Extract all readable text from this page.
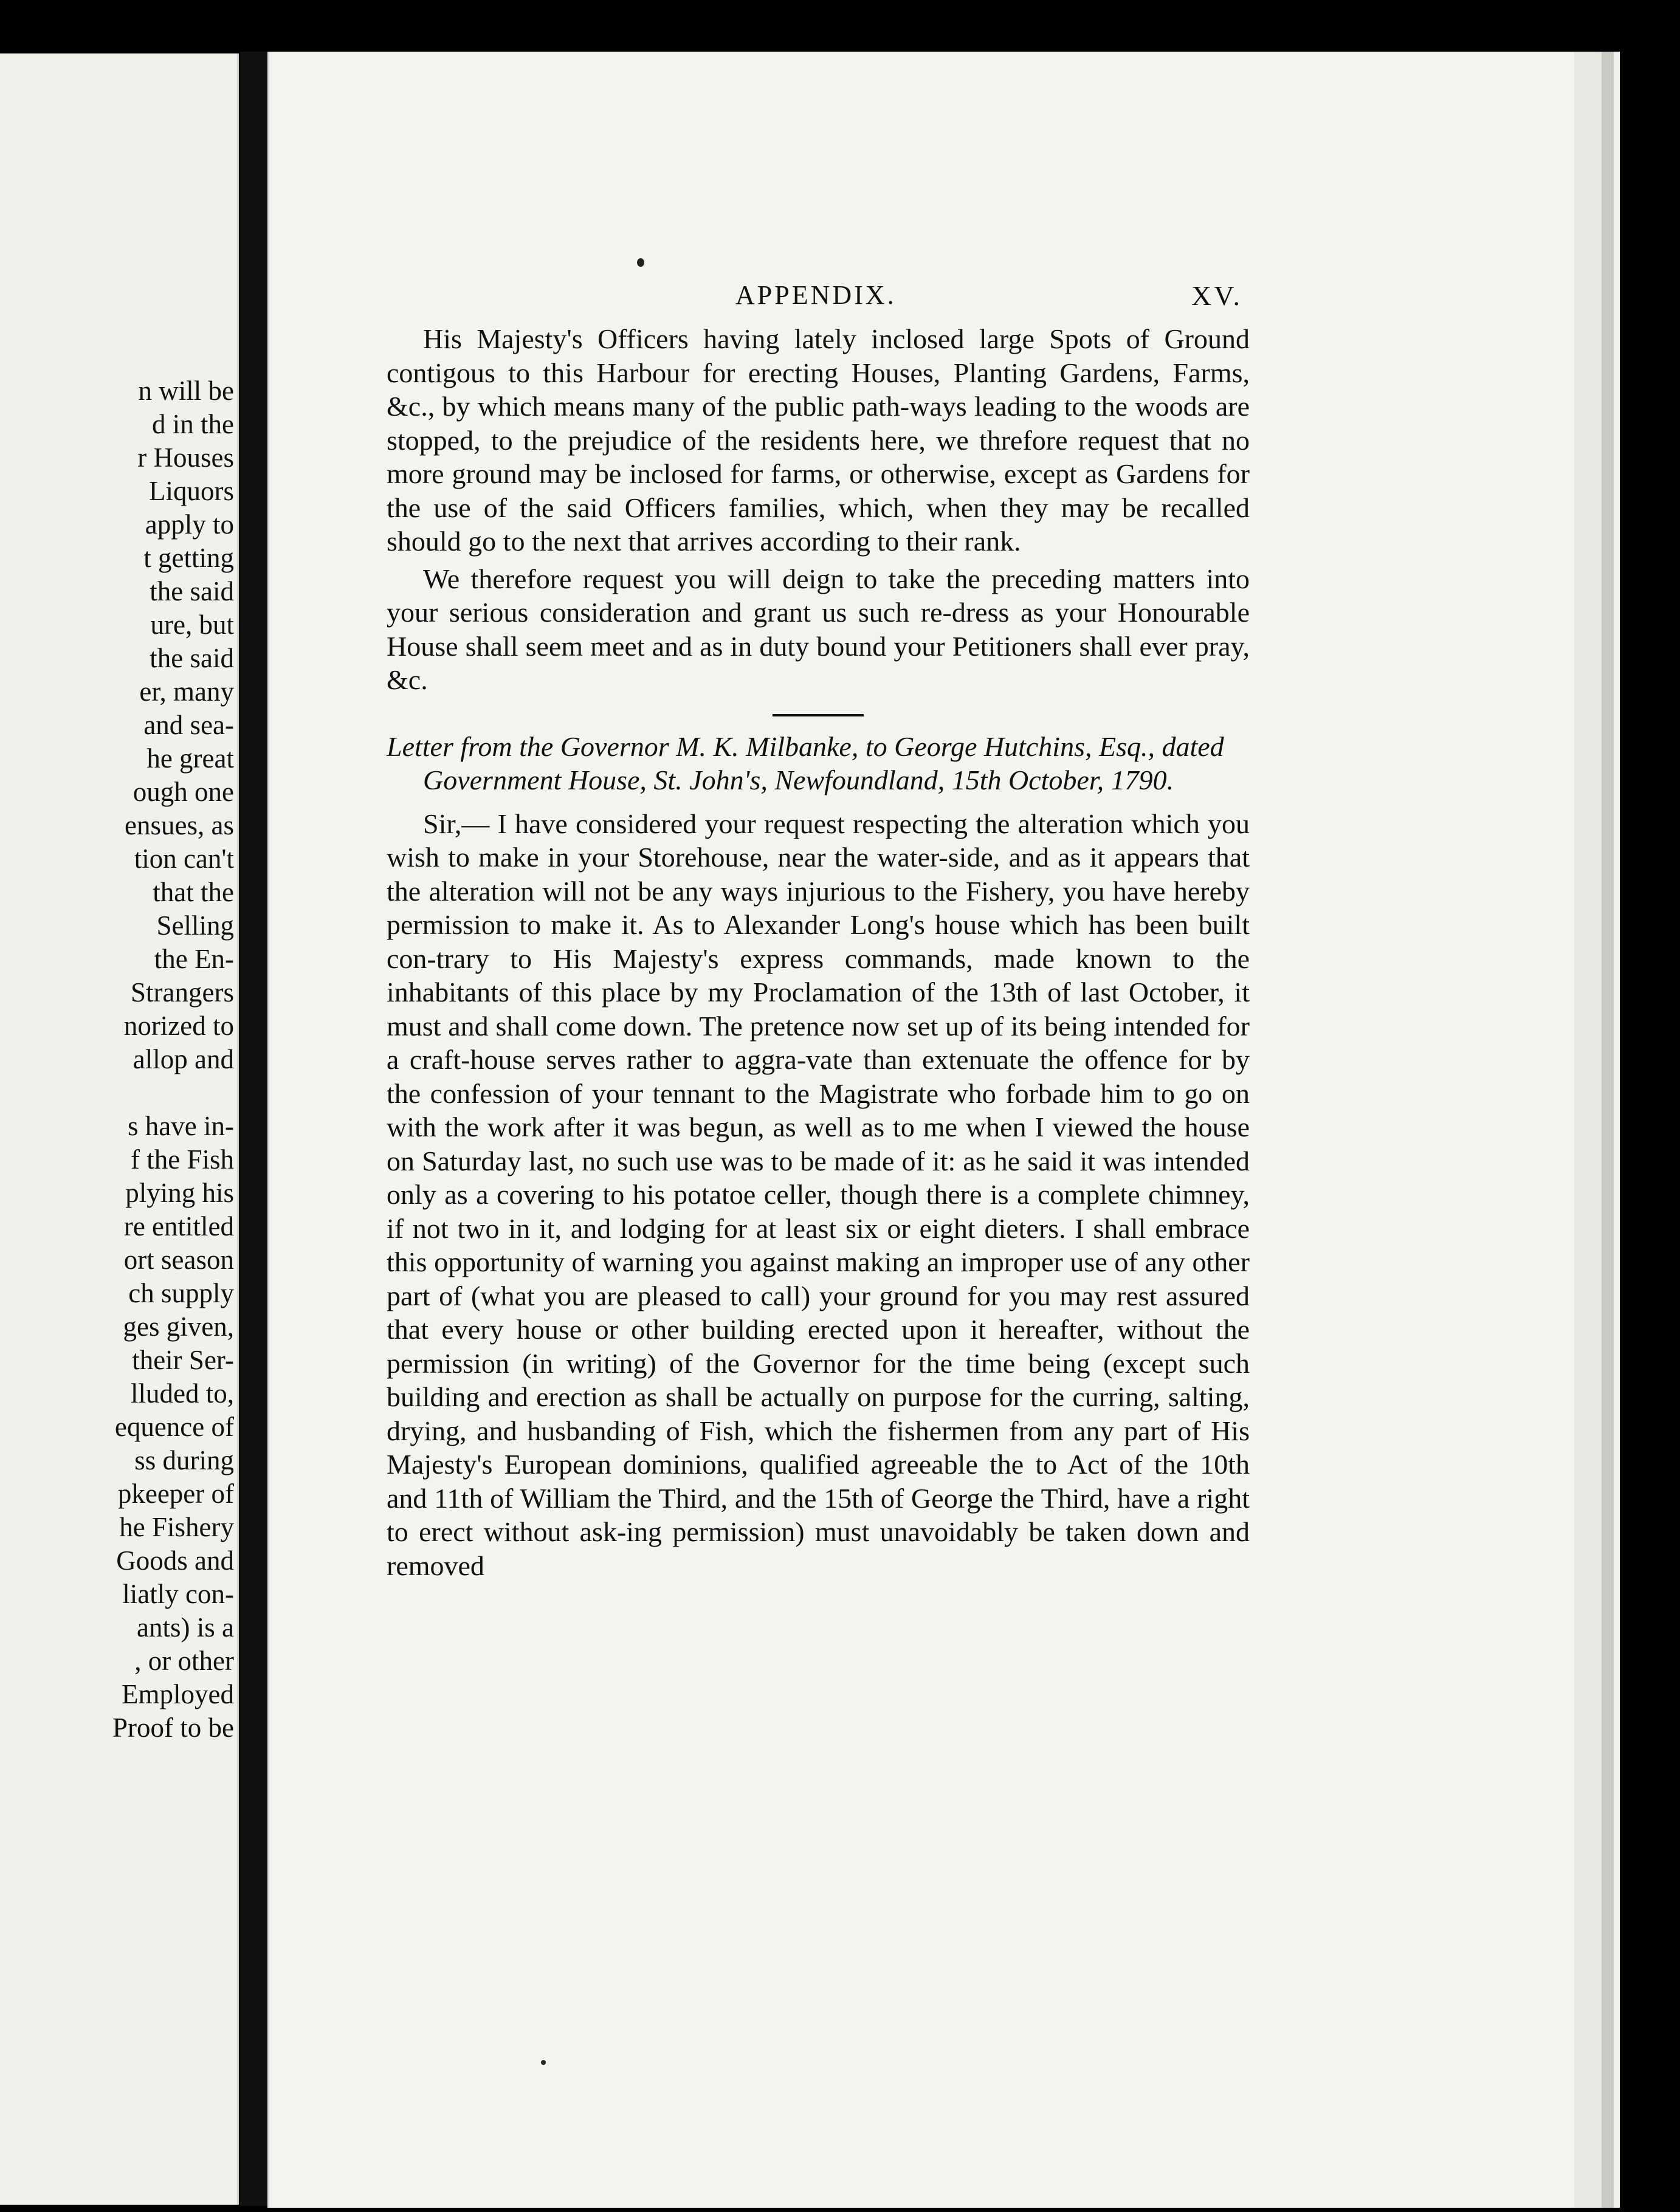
n will be
d in the
r Houses
Liquors
apply to
t getting
the said
ure, but
the said
er, many
and sea-
he great
ough one
ensues, as
tion can't
that the
Selling
the En-
Strangers
norized to
allop and
s have in-
f the Fish
plying his
re entitled
ort season
ch supply
ges given,
their Ser-
lluded to,
equence of
ss during
pkeeper of
he Fishery
Goods and
liatly con-
ants) is a
, or other
Employed
Proof to be
APPENDIX.	XV.

His Majesty's Officers having lately inclosed large Spots of Ground contigous to this Harbour for erecting Houses, Planting Gardens, Farms, &c., by which means many of the public path-ways leading to the woods are stopped, to the prejudice of the residents here, we threfore request that no more ground may be inclosed for farms, or otherwise, except as Gardens for the use of the said Officers families, which, when they may be recalled should go to the next that arrives according to their rank.

We therefore request you will deign to take the preceding matters into your serious consideration and grant us such re-dress as your Honourable House shall seem meet and as in duty bound your Petitioners shall ever pray, &c.

Letter from the Governor M. K. Milbanke, to George Hutchins, Esq., dated Government House, St. John's, Newfoundland, 15th October, 1790.

Sir,— I have considered your request respecting the alteration which you wish to make in your Storehouse, near the water-side, and as it appears that the alteration will not be any ways injurious to the Fishery, you have hereby permission to make it. As to Alexander Long's house which has been built con-trary to His Majesty's express commands, made known to the inhabitants of this place by my Proclamation of the 13th of last October, it must and shall come down. The pretence now set up of its being intended for a craft-house serves rather to aggra-vate than extenuate the offence for by the confession of your tennant to the Magistrate who forbade him to go on with the work after it was begun, as well as to me when I viewed the house on Saturday last, no such use was to be made of it: as he said it was intended only as a covering to his potatoe celler, though there is a complete chimney, if not two in it, and lodging for at least six or eight dieters. I shall embrace this opportunity of warning you against making an improper use of any other part of (what you are pleased to call) your ground for you may rest assured that every house or other building erected upon it hereafter, without the permission (in writing) of the Governor for the time being (except such building and erection as shall be actually on purpose for the curring, salting, drying, and husbanding of Fish, which the fishermen from any part of His Majesty's European dominions, qualified agreeable the to Act of the 10th and 11th of William the Third, and the 15th of George the Third, have a right to erect without ask-ing permission) must unavoidably be taken down and removed
